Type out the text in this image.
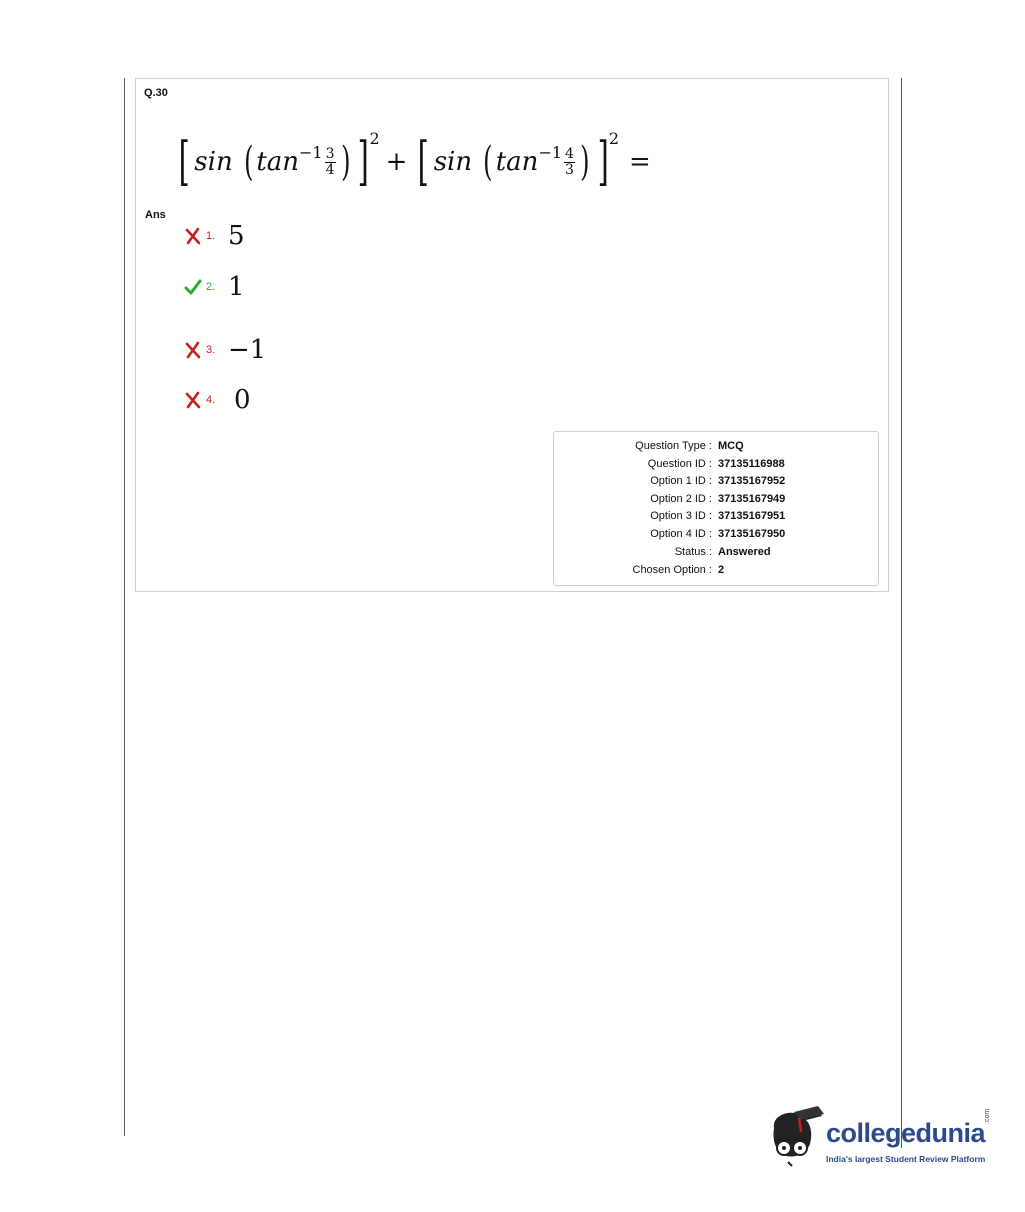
Q.30
[ sin ( $\tan -1 \frac{3}{4}$ ) ] 2
+ [ sin ( $\tan -1 \frac{4}{3}$ ) ] 2
=
Ans
1. 5
2. 1
3. −1
4. 0
Question Type : MCQ
Question ID : 37135116988
Option 1 ID : 37135167952
Option 2 ID : 37135167949
Option 3 ID : 37135167951
Option 4 ID : 37135167950
Status : Answered
Chosen Option : 2
collegedunia
.com
India's largest Student Review Platform
